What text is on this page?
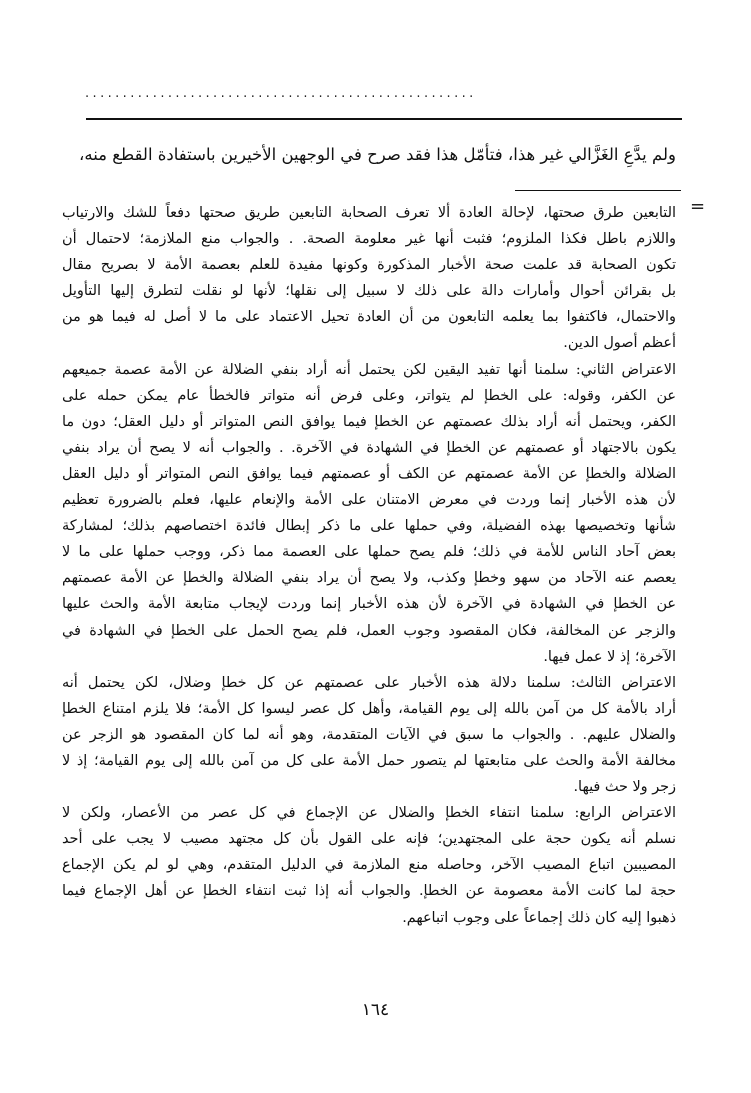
....................................................
ولم يدَّعِ الغَزَّالي غير هذا، فتأمّل هذا فقد صرح في الوجهين الأخيرين باستفادة القطع منه،
=
التابعين طرق صحتها، لإحالة العادة ألا تعرف الصحابة التابعين طريق صحتها دفعاً للشك والارتياب
واللازم باطل فكذا الملزوم؛ فثبت أنها غير معلومة الصحة. . والجواب منع الملازمة؛ لاحتمال أن
تكون الصحابة قد علمت صحة الأخبار المذكورة وكونها مفيدة للعلم بعصمة الأمة لا بصريح مقال
بل بقرائن أحوال وأمارات دالة على ذلك لا سبيل إلى نقلها؛ لأنها لو نقلت لتطرق إليها التأويل
والاحتمال، فاكتفوا بما يعلمه التابعون من أن العادة تحيل الاعتماد على ما لا أصل له فيما هو من
أعظم أصول الدين.
الاعتراض الثاني: سلمنا أنها تفيد اليقين لكن يحتمل أنه أراد بنفي الضلالة عن الأمة عصمة جميعهم
عن الكفر، وقوله: على الخطإ لم يتواتر، وعلى فرض أنه متواتر فالخطأ عام يمكن حمله على
الكفر، ويحتمل أنه أراد بذلك عصمتهم عن الخطإ فيما يوافق النص المتواتر أو دليل العقل؛ دون ما
يكون بالاجتهاد أو عصمتهم عن الخطإ في الشهادة في الآخرة. . والجواب أنه لا يصح أن يراد بنفي
الضلالة والخطإ عن الأمة عصمتهم عن الكف أو عصمتهم فيما يوافق النص المتواتر أو دليل العقل
لأن هذه الأخبار إنما وردت في معرض الامتنان على الأمة والإنعام عليها، فعلم بالضرورة تعظيم
شأنها وتخصيصها بهذه الفضيلة، وفي حملها على ما ذكر إبطال فائدة اختصاصهم بذلك؛ لمشاركة
بعض آحاد الناس للأمة في ذلك؛ فلم يصح حملها على العصمة مما ذكر، ووجب حملها على ما لا
يعصم عنه الآحاد من سهو وخطإ وكذب، ولا يصح أن يراد بنفي الضلالة والخطإ عن الأمة عصمتهم
عن الخطإ في الشهادة في الآخرة لأن هذه الأخبار إنما وردت لإيجاب متابعة الأمة والحث عليها
والزجر عن المخالفة، فكان المقصود وجوب العمل، فلم يصح الحمل على الخطإ في الشهادة في
الآخرة؛ إذ لا عمل فيها.
الاعتراض الثالث: سلمنا دلالة هذه الأخبار على عصمتهم عن كل خطإ وضلال، لكن يحتمل أنه
أراد بالأمة كل من آمن بالله إلى يوم القيامة، وأهل كل عصر ليسوا كل الأمة؛ فلا يلزم امتناع الخطإ
والضلال عليهم. . والجواب ما سبق في الآيات المتقدمة، وهو أنه لما كان المقصود هو الزجر عن
مخالفة الأمة والحث على متابعتها لم يتصور حمل الأمة على كل من آمن بالله إلى يوم القيامة؛ إذ لا
زجر ولا حث فيها.
الاعتراض الرابع: سلمنا انتفاء الخطإ والضلال عن الإجماع في كل عصر من الأعصار، ولكن لا
نسلم أنه يكون حجة على المجتهدين؛ فإنه على القول بأن كل مجتهد مصيب لا يجب على أحد
المصيبين اتباع المصيب الآخر، وحاصله منع الملازمة في الدليل المتقدم، وهي لو لم يكن الإجماع
حجة لما كانت الأمة معصومة عن الخطإ. والجواب أنه إذا ثبت انتفاء الخطإ عن أهل الإجماع فيما
ذهبوا إليه كان ذلك إجماعاً على وجوب اتباعهم.
١٦٤
